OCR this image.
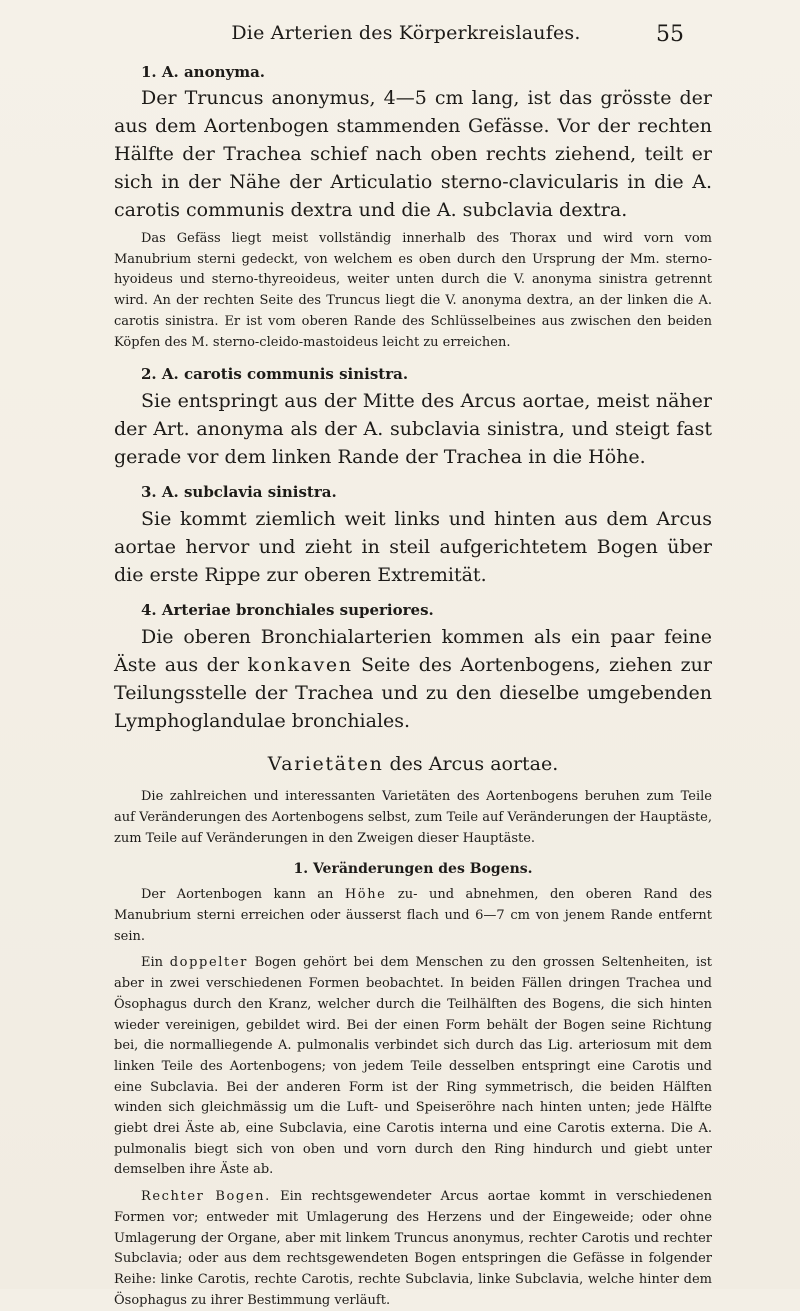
Die Arterien des Körperkreislaufes.	55

1. A. anonyma.

Der Truncus anonymus, 4—5 cm lang, ist das grösste der aus dem Aortenbogen stammenden Gefässe. Vor der rechten Hälfte der Trachea schief nach oben rechts ziehend, teilt er sich in der Nähe der Articulatio sterno-clavicularis in die A. carotis communis dextra und die A. subclavia dextra.

Das Gefäss liegt meist vollständig innerhalb des Thorax und wird vorn vom Manubrium sterni gedeckt, von welchem es oben durch den Ursprung der Mm. sterno-hyoideus und sterno-thyreoideus, weiter unten durch die V. anonyma sinistra getrennt wird. An der rechten Seite des Truncus liegt die V. anonyma dextra, an der linken die A. carotis sinistra. Er ist vom oberen Rande des Schlüsselbeines aus zwischen den beiden Köpfen des M. sterno-cleido-mastoideus leicht zu erreichen.

2. A. carotis communis sinistra.

Sie entspringt aus der Mitte des Arcus aortae, meist näher der Art. anonyma als der A. subclavia sinistra, und steigt fast gerade vor dem linken Rande der Trachea in die Höhe.

3. A. subclavia sinistra.

Sie kommt ziemlich weit links und hinten aus dem Arcus aortae hervor und zieht in steil aufgerichtetem Bogen über die erste Rippe zur oberen Extremität.

4. Arteriae bronchiales superiores.

Die oberen Bronchialarterien kommen als ein paar feine Äste aus der konkaven Seite des Aortenbogens, ziehen zur Teilungsstelle der Trachea und zu den dieselbe umgebenden Lymphoglandulae bronchiales.

Varietäten des Arcus aortae.

Die zahlreichen und interessanten Varietäten des Aortenbogens beruhen zum Teile auf Veränderungen des Aortenbogens selbst, zum Teile auf Veränderungen der Hauptäste, zum Teile auf Veränderungen in den Zweigen dieser Hauptäste.

1. Veränderungen des Bogens.

Der Aortenbogen kann an Höhe zu- und abnehmen, den oberen Rand des Manubrium sterni erreichen oder äusserst flach und 6—7 cm von jenem Rande entfernt sein.

Ein doppelter Bogen gehört bei dem Menschen zu den grossen Seltenheiten, ist aber in zwei verschiedenen Formen beobachtet. In beiden Fällen dringen Trachea und Ösophagus durch den Kranz, welcher durch die Teilhälften des Bogens, die sich hinten wieder vereinigen, gebildet wird. Bei der einen Form behält der Bogen seine Richtung bei, die normalliegende A. pulmonalis verbindet sich durch das Lig. arteriosum mit dem linken Teile des Aortenbogens; von jedem Teile desselben entspringt eine Carotis und eine Subclavia. Bei der anderen Form ist der Ring symmetrisch, die beiden Hälften winden sich gleichmässig um die Luft- und Speiseröhre nach hinten unten; jede Hälfte giebt drei Äste ab, eine Subclavia, eine Carotis interna und eine Carotis externa. Die A. pulmonalis biegt sich von oben und vorn durch den Ring hindurch und giebt unter demselben ihre Äste ab.

Rechter Bogen. Ein rechtsgewendeter Arcus aortae kommt in verschiedenen Formen vor; entweder mit Umlagerung des Herzens und der Eingeweide; oder ohne Umlagerung der Organe, aber mit linkem Truncus anonymus, rechter Carotis und rechter Subclavia; oder aus dem rechtsgewendeten Bogen entspringen die Gefässe in folgender Reihe: linke Carotis, rechte Carotis, rechte Subclavia, linke Subclavia, welche hinter dem Ösophagus zu ihrer Bestimmung verläuft.
